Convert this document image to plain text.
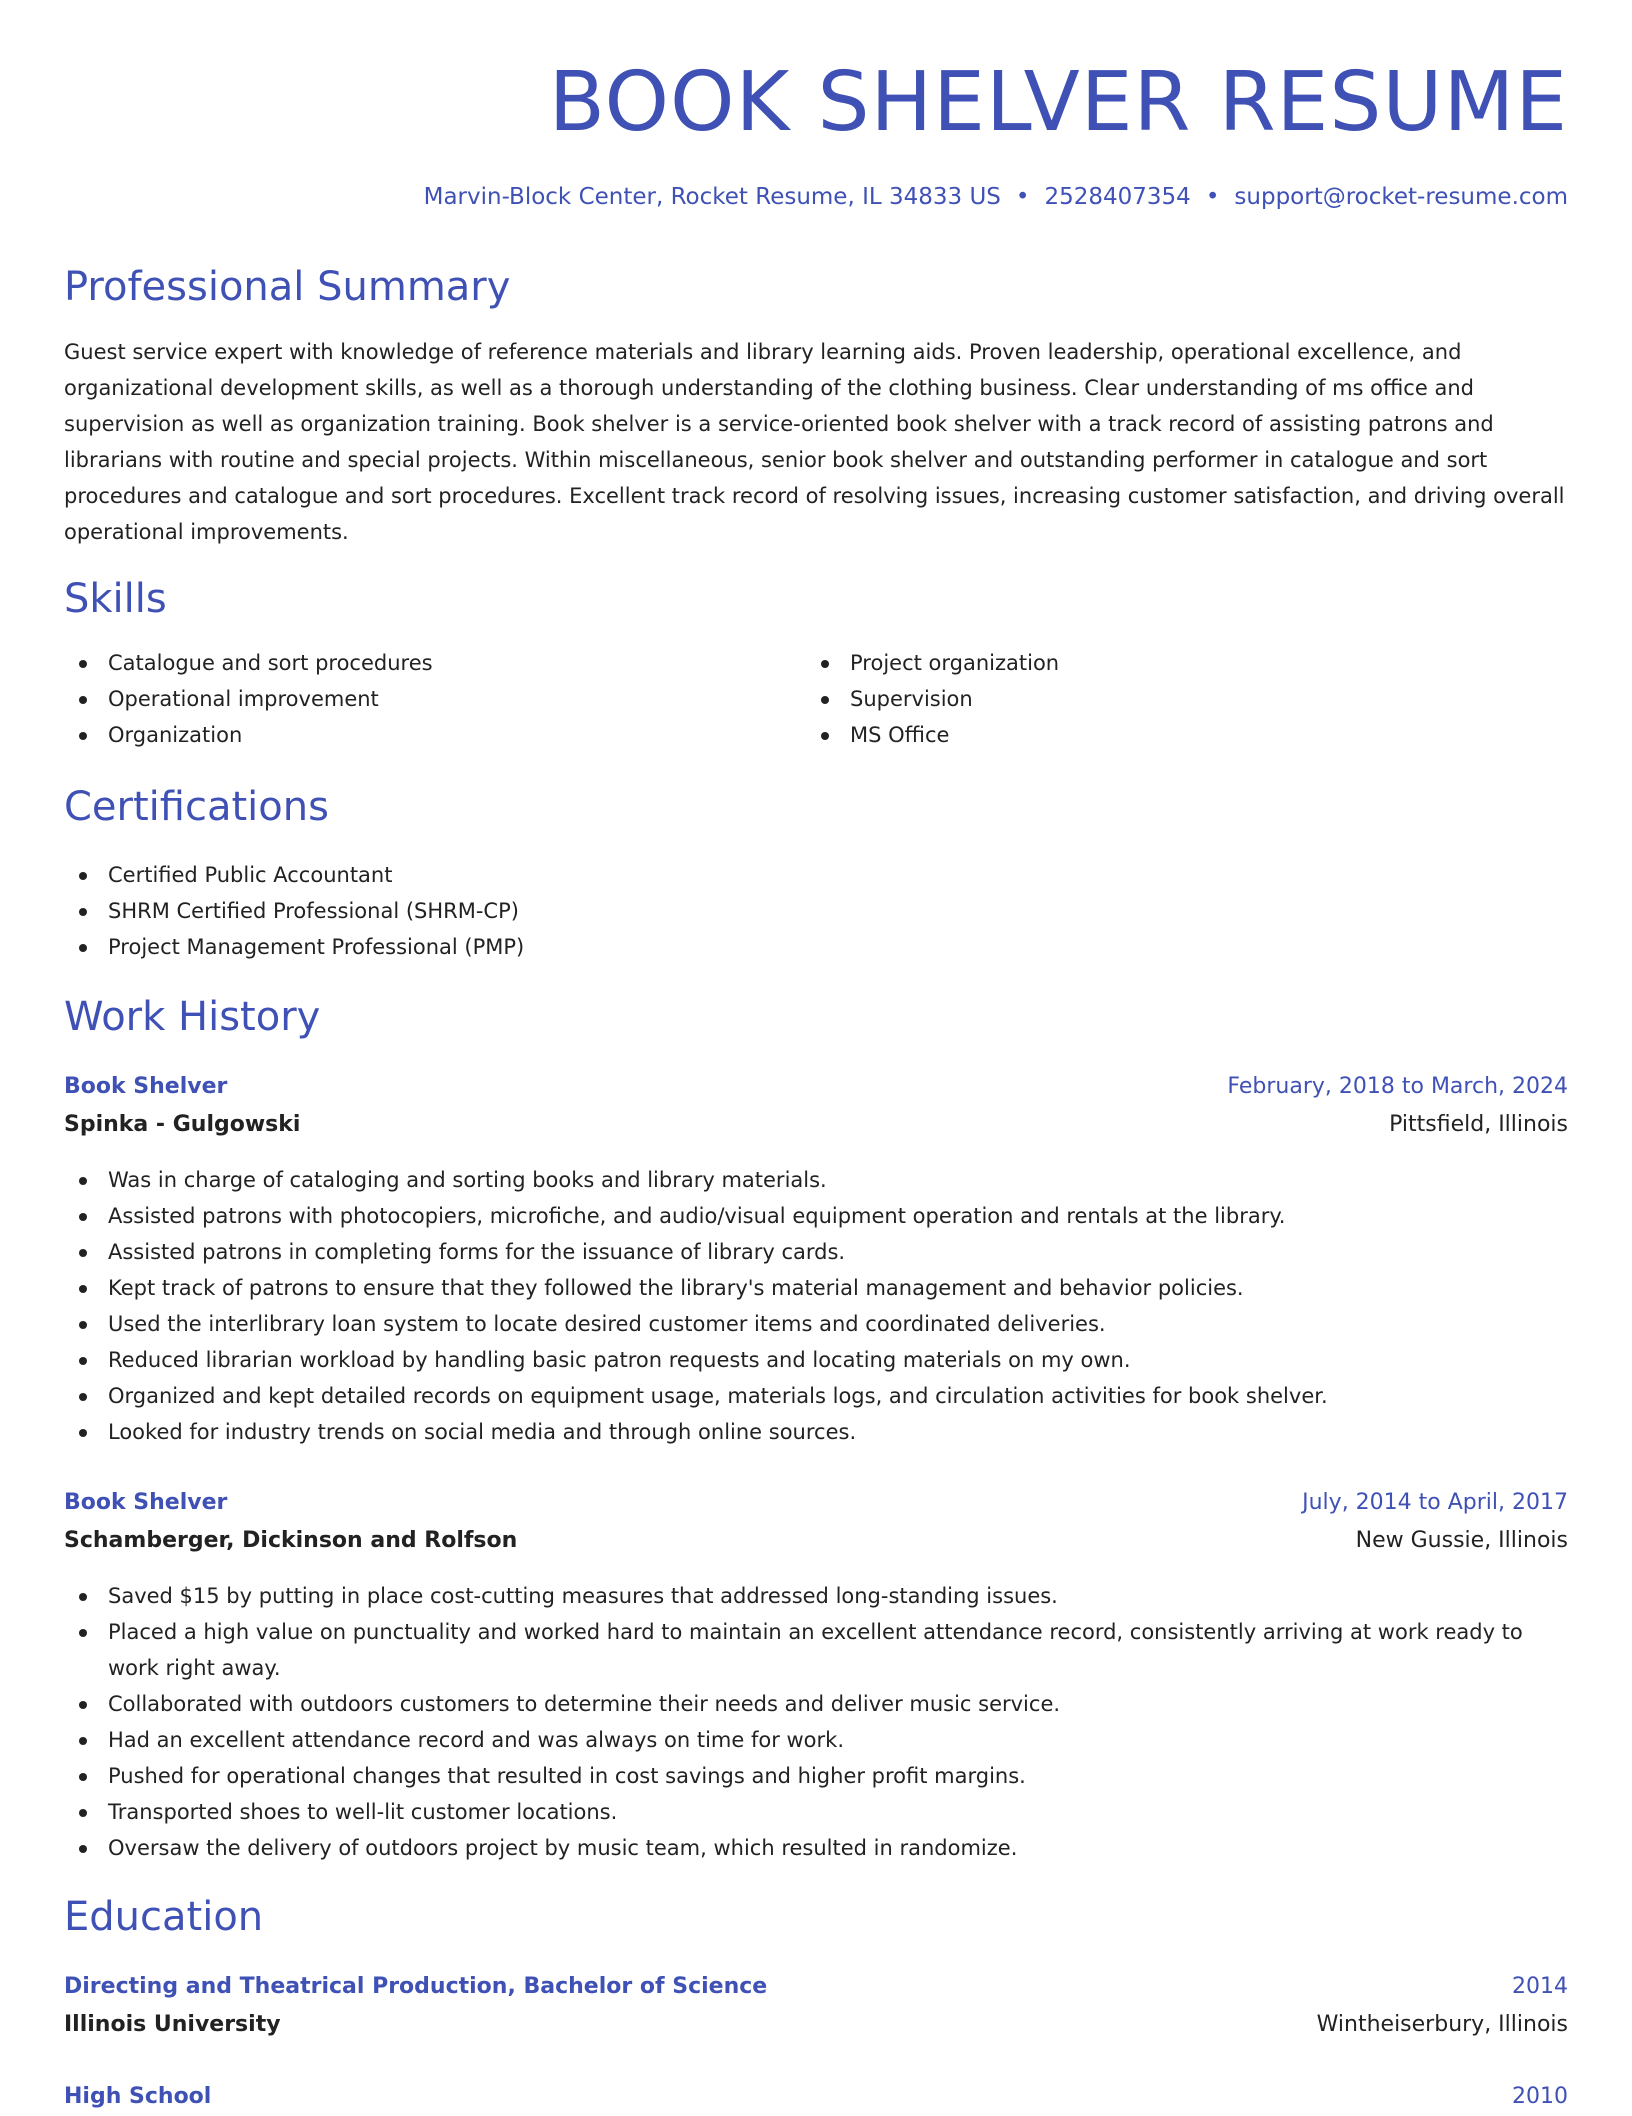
BOOK SHELVER RESUME
Marvin-Block Center, Rocket Resume, IL 34833 US • 2528407354 • support@rocket-resume.com
Professional Summary
Guest service expert with knowledge of reference materials and library learning aids. Proven leadership, operational excellence, and organizational development skills, as well as a thorough understanding of the clothing business. Clear understanding of ms office and supervision as well as organization training. Book shelver is a service-oriented book shelver with a track record of assisting patrons and librarians with routine and special projects. Within miscellaneous, senior book shelver and outstanding performer in catalogue and sort procedures and catalogue and sort procedures. Excellent track record of resolving issues, increasing customer satisfaction, and driving overall operational improvements.
Skills
Catalogue and sort procedures
Operational improvement
Organization
Project organization
Supervision
MS Office
Certifications
Certified Public Accountant
SHRM Certified Professional (SHRM-CP)
Project Management Professional (PMP)
Work History
Book Shelver	February, 2018 to March, 2024
Spinka - Gulgowski	Pittsfield, Illinois
Was in charge of cataloging and sorting books and library materials.
Assisted patrons with photocopiers, microfiche, and audio/visual equipment operation and rentals at the library.
Assisted patrons in completing forms for the issuance of library cards.
Kept track of patrons to ensure that they followed the library's material management and behavior policies.
Used the interlibrary loan system to locate desired customer items and coordinated deliveries.
Reduced librarian workload by handling basic patron requests and locating materials on my own.
Organized and kept detailed records on equipment usage, materials logs, and circulation activities for book shelver.
Looked for industry trends on social media and through online sources.
Book Shelver	July, 2014 to April, 2017
Schamberger, Dickinson and Rolfson	New Gussie, Illinois
Saved $15 by putting in place cost-cutting measures that addressed long-standing issues.
Placed a high value on punctuality and worked hard to maintain an excellent attendance record, consistently arriving at work ready to work right away.
Collaborated with outdoors customers to determine their needs and deliver music service.
Had an excellent attendance record and was always on time for work.
Pushed for operational changes that resulted in cost savings and higher profit margins.
Transported shoes to well-lit customer locations.
Oversaw the delivery of outdoors project by music team, which resulted in randomize.
Education
Directing and Theatrical Production, Bachelor of Science	2014
Illinois University	Wintheiserbury, Illinois
High School	2010
